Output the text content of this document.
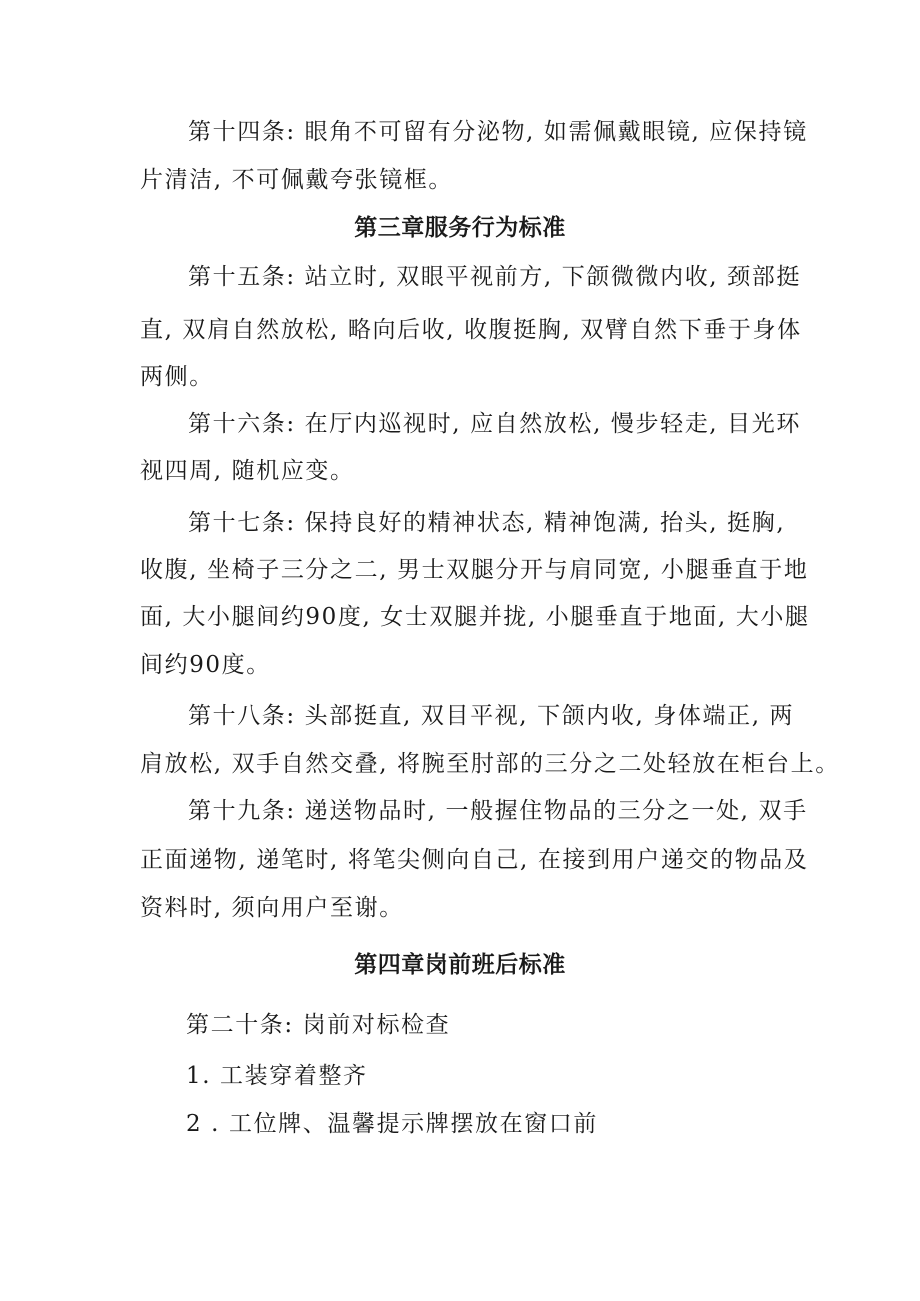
第十四条: 眼角不可留有分泌物, 如需佩戴眼镜, 应保持镜
片清洁, 不可佩戴夸张镜框。
第三章服务行为标准
第十五条: 站立时, 双眼平视前方, 下颌微微内收, 颈部挺
直, 双肩自然放松, 略向后收, 收腹挺胸, 双臂自然下垂于身体
两侧。
第十六条: 在厅内巡视时, 应自然放松, 慢步轻走, 目光环
视四周, 随机应变。
第十七条: 保持良好的精神状态, 精神饱满, 抬头, 挺胸,
收腹, 坐椅子三分之二, 男士双腿分开与肩同宽, 小腿垂直于地
面, 大小腿间约90度, 女士双腿并拢, 小腿垂直于地面, 大小腿
间约90度。
第十八条: 头部挺直, 双目平视, 下颌内收, 身体端正, 两
肩放松, 双手自然交叠, 将腕至肘部的三分之二处轻放在柜台上。
第十九条: 递送物品时, 一般握住物品的三分之一处, 双手
正面递物, 递笔时, 将笔尖侧向自己, 在接到用户递交的物品及
资料时, 须向用户至谢。
第四章岗前班后标准
第二十条: 岗前对标检查
1. 工装穿着整齐
2 . 工位牌、温馨提示牌摆放在窗口前
